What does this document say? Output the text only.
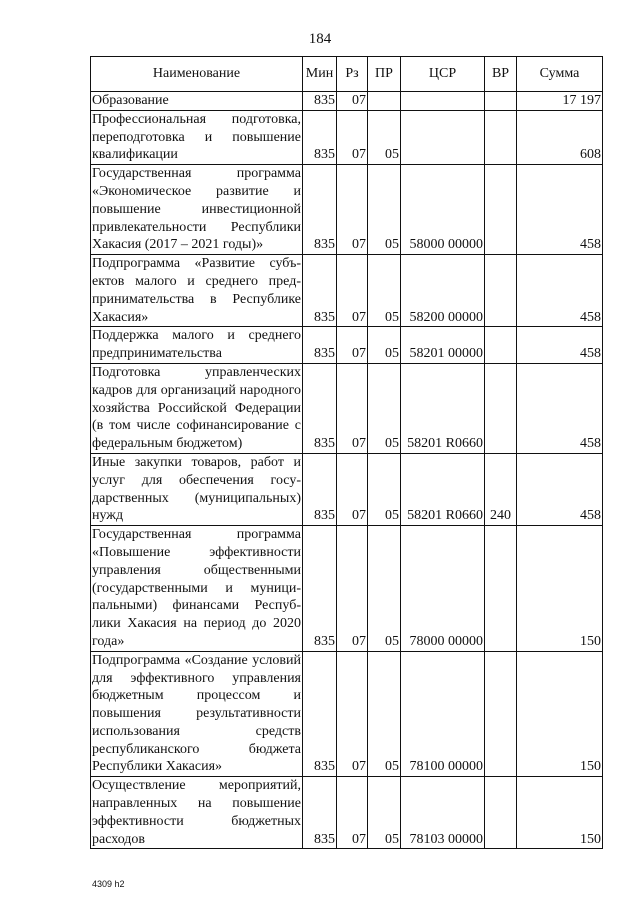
184
Наименование	Мин	Рз	ПР	ЦСР	ВР	Сумма
Образование	835	07				17 197
Профессиональная подготовка, переподготовка и повышение квалификации	835	07	05			608
Государственная программа «Экономическое развитие и повышение инвестиционной привлекательности Республики Хакасия (2017 – 2021 годы)»	835	07	05	58000 00000		458
Подпрограмма «Развитие субъектов малого и среднего предпринимательства в Республике Хакасия»	835	07	05	58200 00000		458
Поддержка малого и среднего предпринимательства	835	07	05	58201 00000		458
Подготовка управленческих кадров для организаций народного хозяйства Российской Федерации (в том числе софинансирование с федеральным бюджетом)	835	07	05	58201 R0660		458
Иные закупки товаров, работ и услуг для обеспечения государственных (муниципальных) нужд	835	07	05	58201 R0660	240	458
Государственная программа «Повышение эффективности управления общественными (государственными и муниципальными) финансами Республики Хакасия на период до 2020 года»	835	07	05	78000 00000		150
Подпрограмма «Создание условий для эффективного управления бюджетным процессом и повышения результативности использования средств республиканского бюджета Республики Хакасия»	835	07	05	78100 00000		150
Осуществление мероприятий, направленных на повышение эффективности бюджетных расходов	835	07	05	78103 00000		150
4309 h2
